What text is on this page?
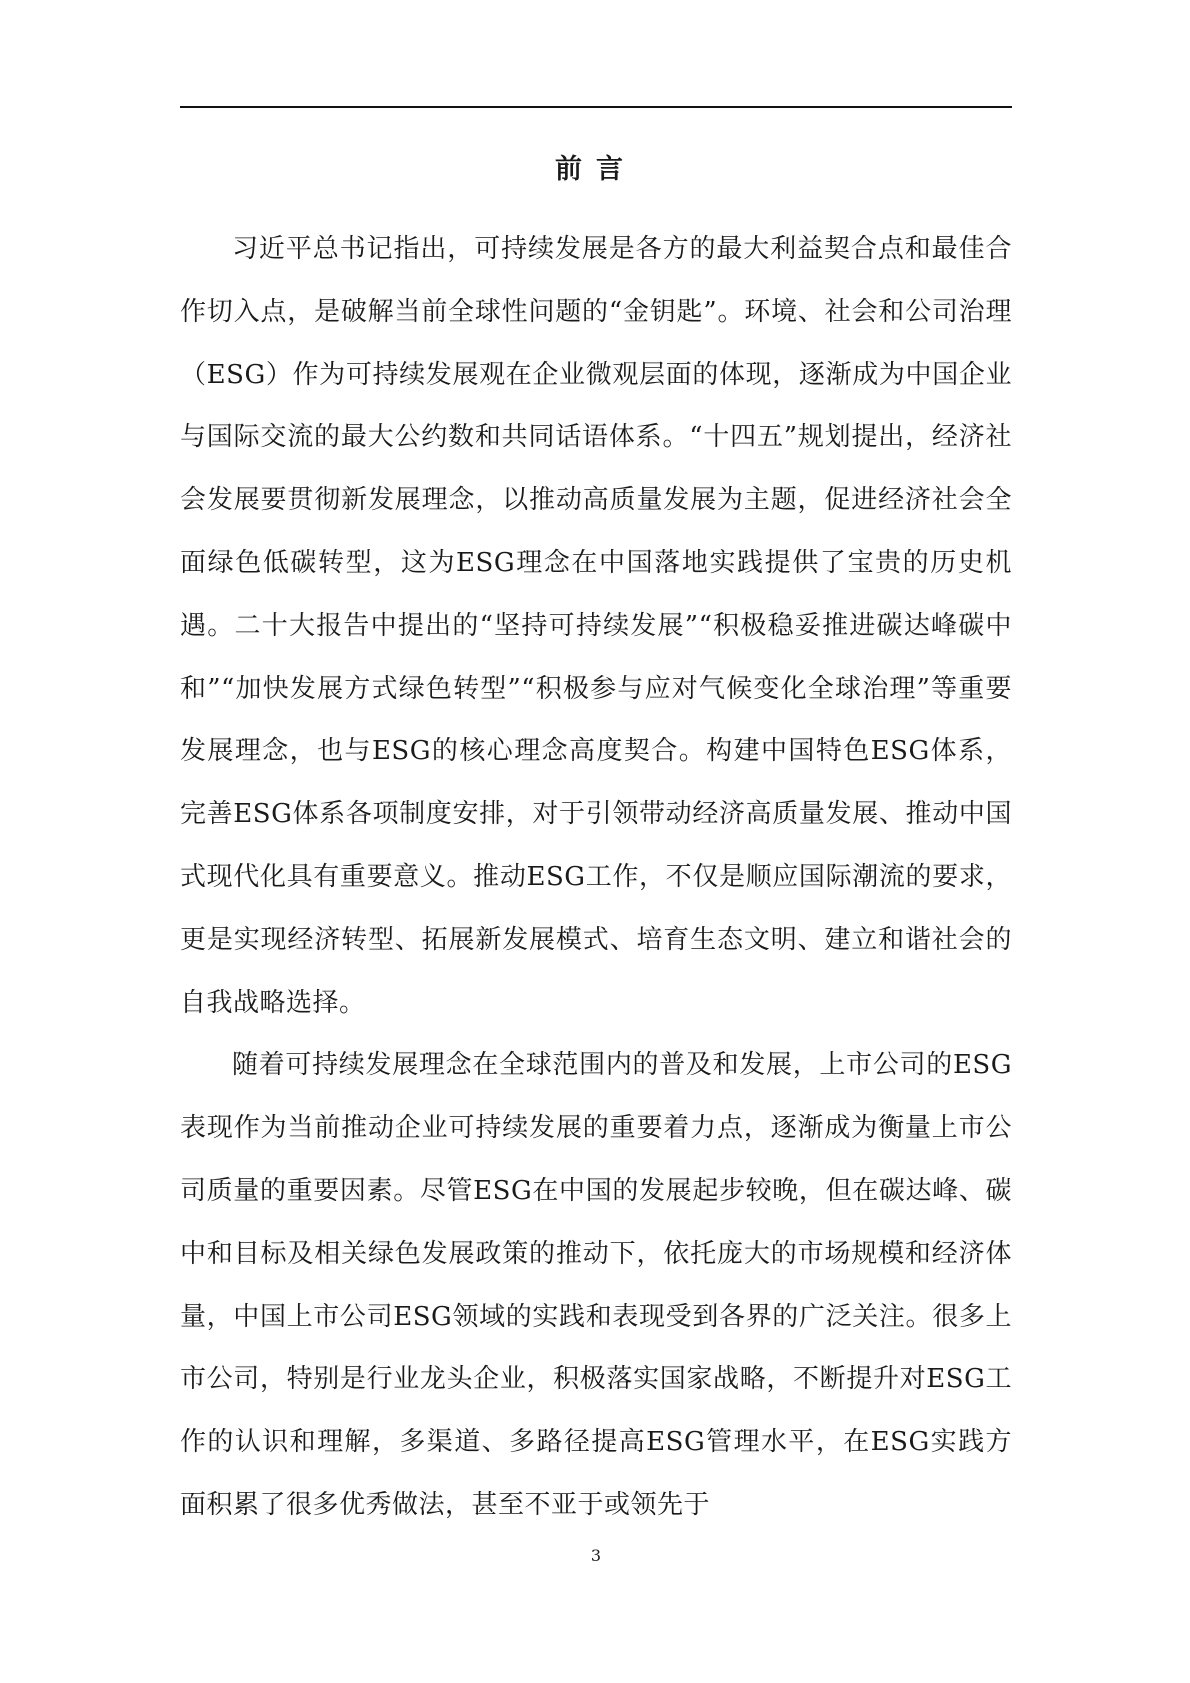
前言

习近平总书记指出，可持续发展是各方的最大利益契合点和最佳合作切入点，是破解当前全球性问题的“金钥匙”。环境、社会和公司治理（ESG）作为可持续发展观在企业微观层面的体现，逐渐成为中国企业与国际交流的最大公约数和共同话语体系。“十四五”规划提出，经济社会发展要贯彻新发展理念，以推动高质量发展为主题，促进经济社会全面绿色低碳转型，这为ESG理念在中国落地实践提供了宝贵的历史机遇。二十大报告中提出的“坚持可持续发展”“积极稳妥推进碳达峰碳中和”“加快发展方式绿色转型”“积极参与应对气候变化全球治理”等重要发展理念，也与ESG的核心理念高度契合。构建中国特色ESG体系，完善ESG体系各项制度安排，对于引领带动经济高质量发展、推动中国式现代化具有重要意义。推动ESG工作，不仅是顺应国际潮流的要求，更是实现经济转型、拓展新发展模式、培育生态文明、建立和谐社会的自我战略选择。

随着可持续发展理念在全球范围内的普及和发展，上市公司的ESG表现作为当前推动企业可持续发展的重要着力点，逐渐成为衡量上市公司质量的重要因素。尽管ESG在中国的发展起步较晚，但在碳达峰、碳中和目标及相关绿色发展政策的推动下，依托庞大的市场规模和经济体量，中国上市公司ESG领域的实践和表现受到各界的广泛关注。很多上市公司，特别是行业龙头企业，积极落实国家战略，不断提升对ESG工作的认识和理解，多渠道、多路径提高ESG管理水平，在ESG实践方面积累了很多优秀做法，甚至不亚于或领先于

3
